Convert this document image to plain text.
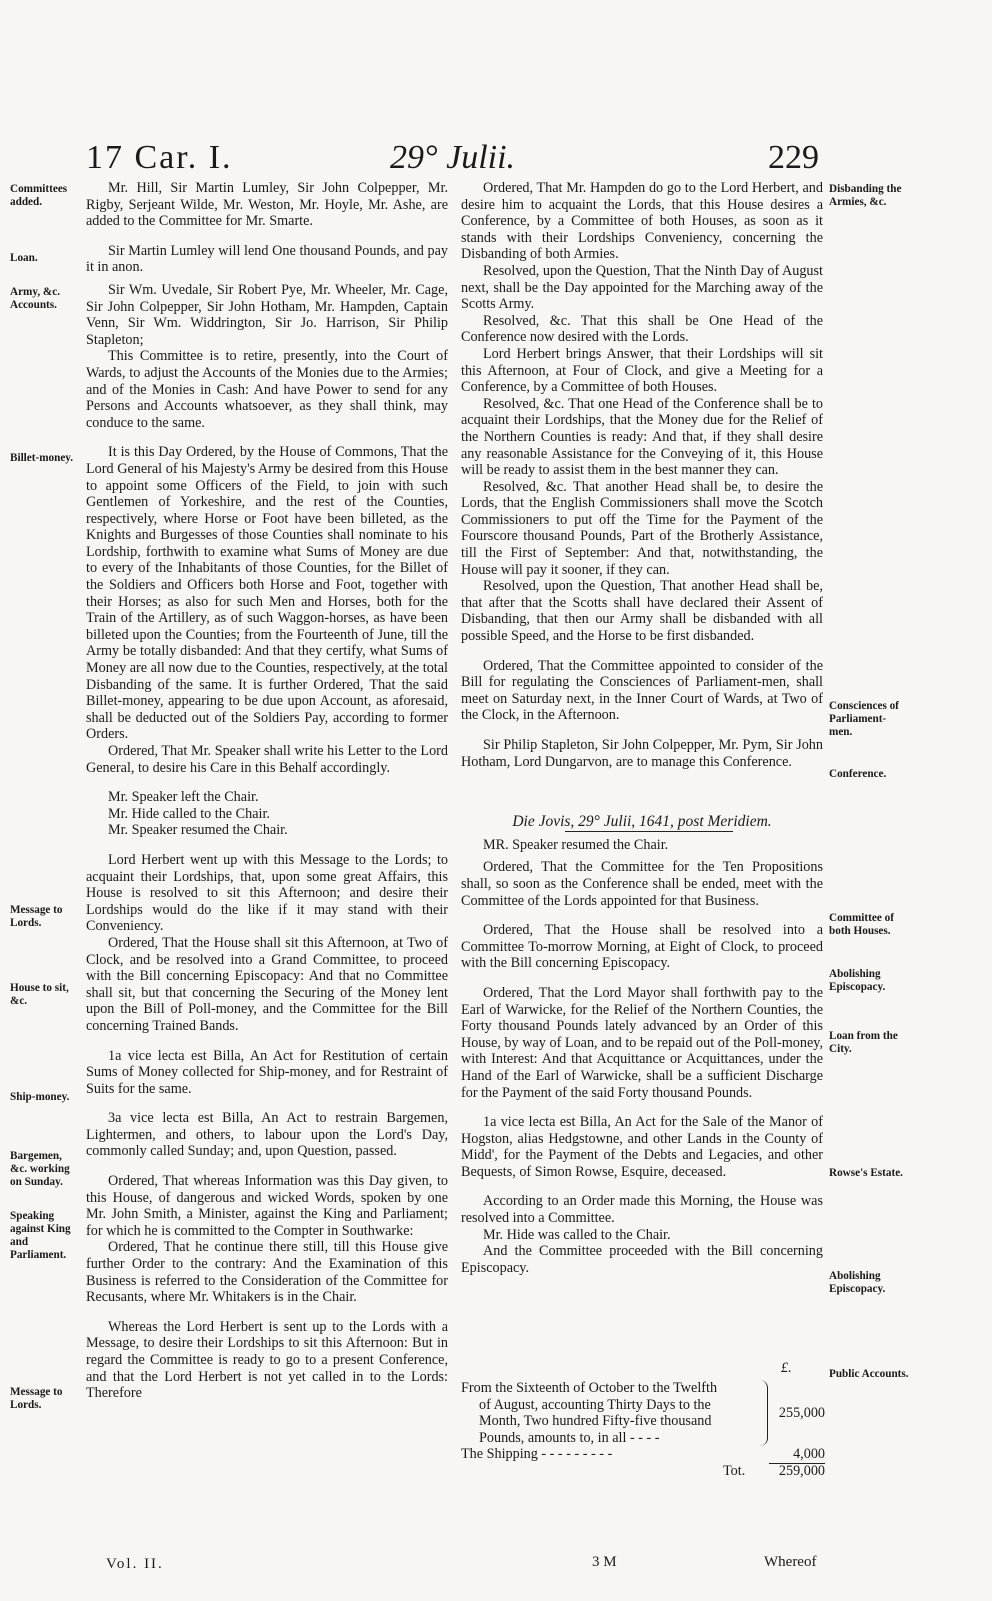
17 Car. I.	29° Julii.	229
Committees added.
Loan.
Army, &c. Accounts.
Billet-money.
Message to Lords.
House to sit, &c.
Ship-money.
Bargemen, &c. working on Sunday.
Speaking against King and Parliament.
Message to Lords.
Disbanding the Armies, &c.
Consciences of Parliament-men.
Conference.
Committee of both Houses.
Abolishing Episcopacy.
Loan from the City.
Rowse's Estate.
Abolishing Episcopacy.
Public Accounts.

Mr. Hill, Sir Martin Lumley, Sir John Colpepper, Mr. Rigby, Serjeant Wilde, Mr. Weston, Mr. Hoyle, Mr. Ashe, are added to the Committee for Mr. Smarte.

Sir Martin Lumley will lend One thousand Pounds, and pay it in anon.

Sir Wm. Uvedale, Sir Robert Pye, Mr. Wheeler, Mr. Cage, Sir John Colpepper, Sir John Hotham, Mr. Hampden, Captain Venn, Sir Wm. Widdrington, Sir Jo. Harrison, Sir Philip Stapleton;

This Committee is to retire, presently, into the Court of Wards, to adjust the Accounts of the Monies due to the Armies; and of the Monies in Cash: And have Power to send for any Persons and Accounts whatsoever, as they shall think, may conduce to the same.

It is this Day Ordered, by the House of Commons, That the Lord General of his Majesty's Army be desired from this House to appoint some Officers of the Field, to join with such Gentlemen of Yorkeshire, and the rest of the Counties, respectively, where Horse or Foot have been billeted, as the Knights and Burgesses of those Counties shall nominate to his Lordship, forthwith to examine what Sums of Money are due to every of the Inhabitants of those Counties, for the Billet of the Soldiers and Officers both Horse and Foot, together with their Horses; as also for such Men and Horses, both for the Train of the Artillery, as of such Waggon-horses, as have been billeted upon the Counties; from the Fourteenth of June, till the Army be totally disbanded: And that they certify, what Sums of Money are all now due to the Counties, respectively, at the total Disbanding of the same. It is further Ordered, That the said Billet-money, appearing to be due upon Account, as aforesaid, shall be deducted out of the Soldiers Pay, according to former Orders.

Ordered, That Mr. Speaker shall write his Letter to the Lord General, to desire his Care in this Behalf accordingly.

Mr. Speaker left the Chair.

Mr. Hide called to the Chair.

Mr. Speaker resumed the Chair.

Lord Herbert went up with this Message to the Lords; to acquaint their Lordships, that, upon some great Affairs, this House is resolved to sit this Afternoon; and desire their Lordships would do the like if it may stand with their Conveniency.

Ordered, That the House shall sit this Afternoon, at Two of Clock, and be resolved into a Grand Committee, to proceed with the Bill concerning Episcopacy: And that no Committee shall sit, but that concerning the Securing of the Money lent upon the Bill of Poll-money, and the Committee for the Bill concerning Trained Bands.

1a vice lecta est Billa, An Act for Restitution of certain Sums of Money collected for Ship-money, and for Restraint of Suits for the same.

3a vice lecta est Billa, An Act to restrain Bargemen, Lightermen, and others, to labour upon the Lord's Day, commonly called Sunday; and, upon Question, passed.

Ordered, That whereas Information was this Day given, to this House, of dangerous and wicked Words, spoken by one Mr. John Smith, a Minister, against the King and Parliament; for which he is committed to the Compter in Southwarke:

Ordered, That he continue there still, till this House give further Order to the contrary: And the Examination of this Business is referred to the Consideration of the Committee for Recusants, where Mr. Whitakers is in the Chair.

Whereas the Lord Herbert is sent up to the Lords with a Message, to desire their Lordships to sit this Afternoon: But in regard the Committee is ready to go to a present Conference, and that the Lord Herbert is not yet called in to the Lords: Therefore

Ordered, That Mr. Hampden do go to the Lord Herbert, and desire him to acquaint the Lords, that this House desires a Conference, by a Committee of both Houses, as soon as it stands with their Lordships Conveniency, concerning the Disbanding of both Armies.

Resolved, upon the Question, That the Ninth Day of August next, shall be the Day appointed for the Marching away of the Scotts Army.

Resolved, &c. That this shall be One Head of the Conference now desired with the Lords.

Lord Herbert brings Answer, that their Lordships will sit this Afternoon, at Four of Clock, and give a Meeting for a Conference, by a Committee of both Houses.

Resolved, &c. That one Head of the Conference shall be to acquaint their Lordships, that the Money due for the Relief of the Northern Counties is ready: And that, if they shall desire any reasonable Assistance for the Conveying of it, this House will be ready to assist them in the best manner they can.

Resolved, &c. That another Head shall be, to desire the Lords, that the English Commissioners shall move the Scotch Commissioners to put off the Time for the Payment of the Fourscore thousand Pounds, Part of the Brotherly Assistance, till the First of September: And that, notwithstanding, the House will pay it sooner, if they can.

Resolved, upon the Question, That another Head shall be, that after that the Scotts shall have declared their Assent of Disbanding, that then our Army shall be disbanded with all possible Speed, and the Horse to be first disbanded.

Ordered, That the Committee appointed to consider of the Bill for regulating the Consciences of Parliament-men, shall meet on Saturday next, in the Inner Court of Wards, at Two of the Clock, in the Afternoon.

Sir Philip Stapleton, Sir John Colpepper, Mr. Pym, Sir John Hotham, Lord Dungarvon, are to manage this Conference.

Die Jovis, 29° Julii, 1641, post Meridiem.

MR. Speaker resumed the Chair.

Ordered, That the Committee for the Ten Propositions shall, so soon as the Conference shall be ended, meet with the Committee of the Lords appointed for that Business.

Ordered, That the House shall be resolved into a Committee To-morrow Morning, at Eight of Clock, to proceed with the Bill concerning Episcopacy.

Ordered, That the Lord Mayor shall forthwith pay to the Earl of Warwicke, for the Relief of the Northern Counties, the Forty thousand Pounds lately advanced by an Order of this House, by way of Loan, and to be repaid out of the Poll-money, with Interest: And that Acquittance or Acquittances, under the Hand of the Earl of Warwicke, shall be a sufficient Discharge for the Payment of the said Forty thousand Pounds.

1a vice lecta est Billa, An Act for the Sale of the Manor of Hogston, alias Hedgstowne, and other Lands in the County of Midd', for the Payment of the Debts and Legacies, and other Bequests, of Simon Rowse, Esquire, deceased.

According to an Order made this Morning, the House was resolved into a Committee.

Mr. Hide was called to the Chair.

And the Committee proceeded with the Bill concerning Episcopacy.

£.
From the Sixteenth of October to the Twelfth
of August, accounting Thirty Days to the
Month, Two hundred Fifty-five thousand
Pounds, amounts to, in all - - - -
255,000
The Shipping - - - - - - - - -	4,000
Tot.	259,000
Vol. II.	3 M	Whereof
